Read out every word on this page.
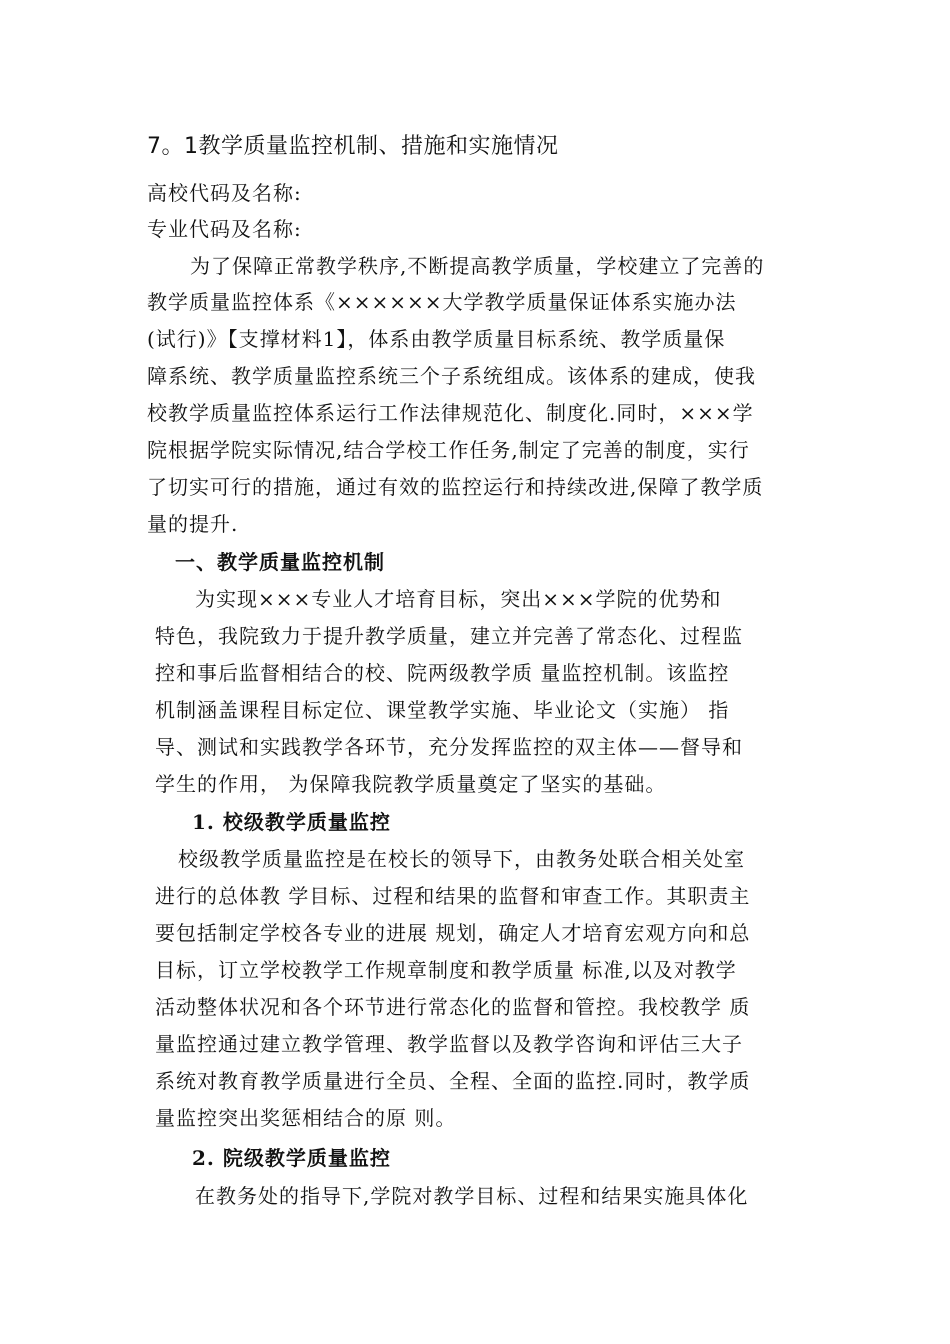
7。1教学质量监控机制、措施和实施情况
高校代码及名称:
专业代码及名称:
为了保障正常教学秩序,不断提高教学质量，学校建立了完善的
教学质量监控体系《××××××大学教学质量保证体系实施办法
(试行)》【支撑材料1】，体系由教学质量目标系统、教学质量保
障系统、教学质量监控系统三个子系统组成。该体系的建成，使我
校教学质量监控体系运行工作法律规范化、制度化.同时，×××学
院根据学院实际情况,结合学校工作任务,制定了完善的制度，实行
了切实可行的措施，通过有效的监控运行和持续改进,保障了教学质
量的提升.
一、教学质量监控机制
为实现×××专业人才培育目标，突出×××学院的优势和
特色，我院致力于提升教学质量，建立并完善了常态化、过程监
控和事后监督相结合的校、院两级教学质 量监控机制。该监控
机制涵盖课程目标定位、课堂教学实施、毕业论文（实施） 指
导、测试和实践教学各环节，充分发挥监控的双主体——督导和
学生的作用， 为保障我院教学质量奠定了坚实的基础。
1. 校级教学质量监控
校级教学质量监控是在校长的领导下，由教务处联合相关处室
进行的总体教 学目标、过程和结果的监督和审查工作。其职责主
要包括制定学校各专业的进展 规划，确定人才培育宏观方向和总
目标，订立学校教学工作规章制度和教学质量 标准,以及对教学
活动整体状况和各个环节进行常态化的监督和管控。我校教学 质
量监控通过建立教学管理、教学监督以及教学咨询和评估三大子
系统对教育教学质量进行全员、全程、全面的监控.同时，教学质
量监控突出奖惩相结合的原 则。
2. 院级教学质量监控
在教务处的指导下,学院对教学目标、过程和结果实施具体化
